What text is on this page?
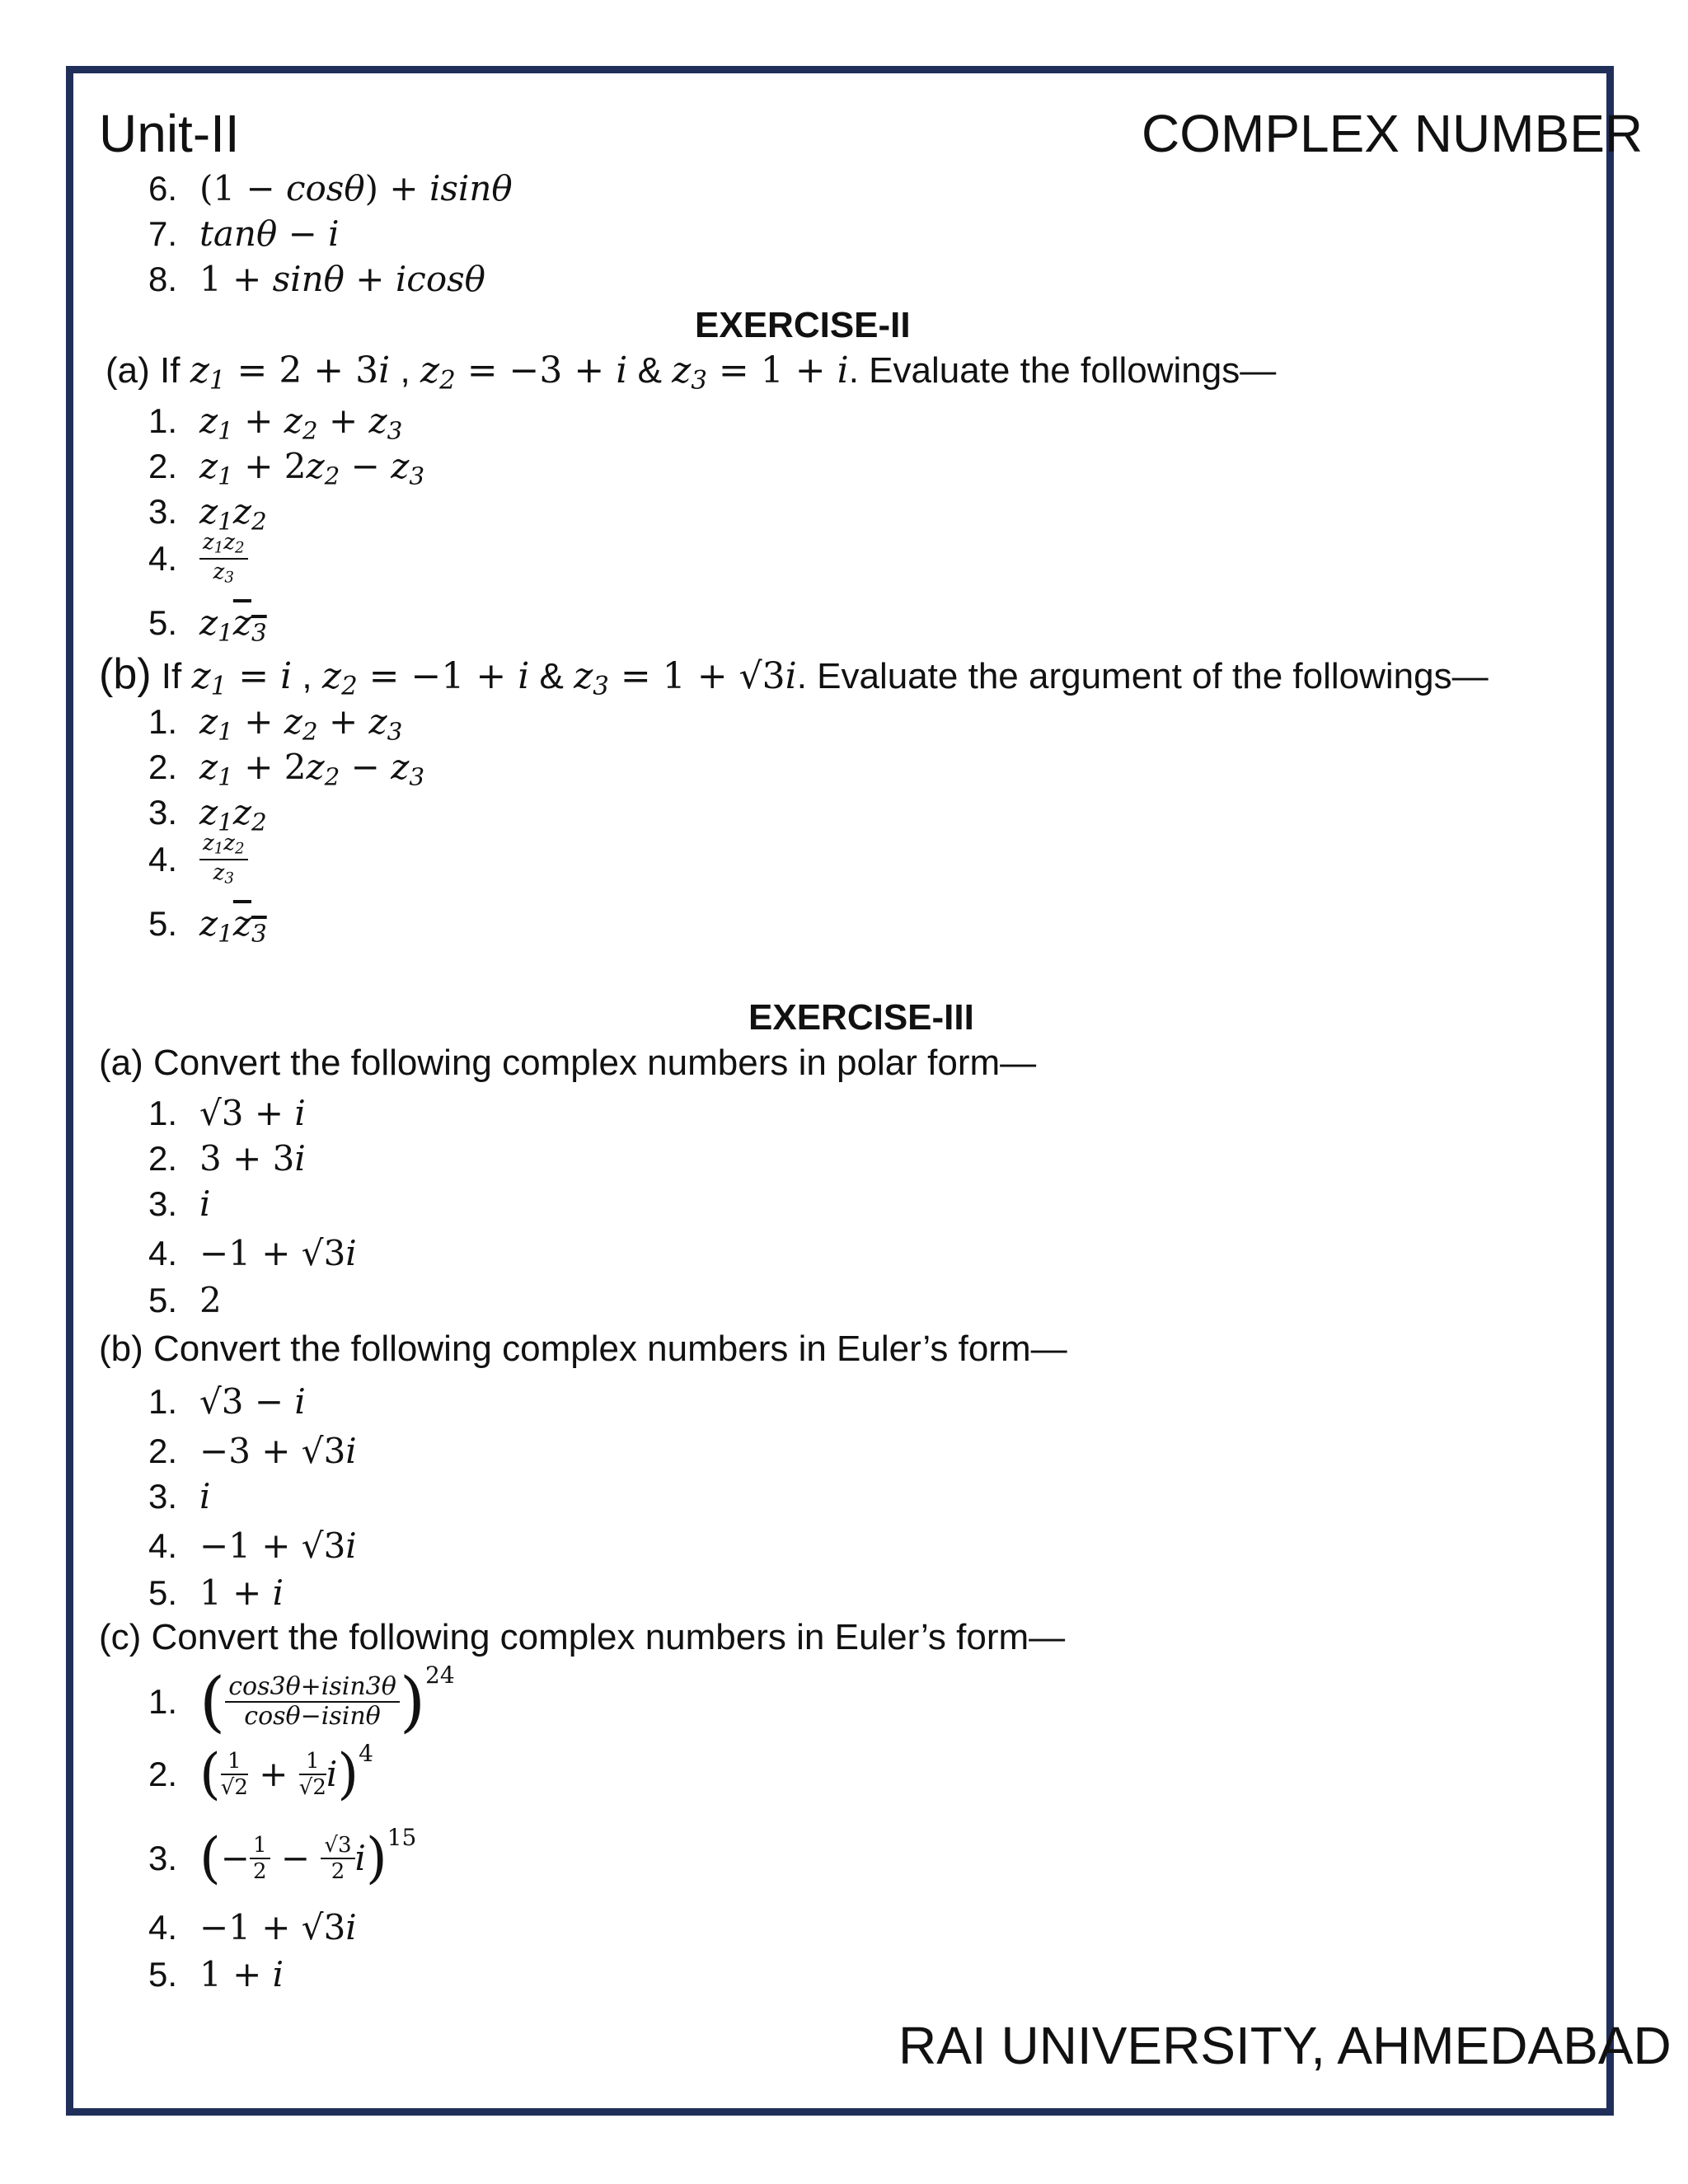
Unit-II	COMPLEX NUMBER
6. (1 − cosθ) + isinθ
7. tanθ − i
8. 1 + sinθ + icosθ
EXERCISE-II
(a) If $z_1 = 2 + 3i$ , $z_2 = -3 + i$ & $z_3 = 1 + i$. Evaluate the followings—
1. $z_1 + z_2 + z_3$
2. $z_1 + 2z_2 - z_3$
3. $z_1z_2$
4. $\frac{z_1z_2}{z_3}$
5. $z_1z_3$
(b) If $z_1 = i$ , $z_2 = -1 + i$ & $z_3 = 1 + √3i$. Evaluate the argument of the followings—
1. $z_1 + z_2 + z_3$
2. $z_1 + 2z_2 - z_3$
3. $z_1z_2$
4. $\frac{z_1z_2}{z_3}$
5. $z_1z_3$
EXERCISE-III
(a) Convert the following complex numbers in polar form—
1. √3 + i
2. 3 + 3i
3. i
4. −1 + √3i
5. 2
(b) Convert the following complex numbers in Euler’s form—
1. √3 − i
2. −3 + √3i
3. i
4. −1 + √3i
5. 1 + i
(c) Convert the following complex numbers in Euler’s form—
1. ( $\frac{\cos 3\theta+isin3\theta}{\cos\theta-isin\theta} )^{24}$
2. ( $\frac{1}{√2} + \frac{1}{√2} i)^4$
3. (− $\frac{1}{2} - \frac{√3}{2} i)^{15}$
4. −1 + √3i
5. 1 + i
RAI UNIVERSITY, AHMEDABAD
